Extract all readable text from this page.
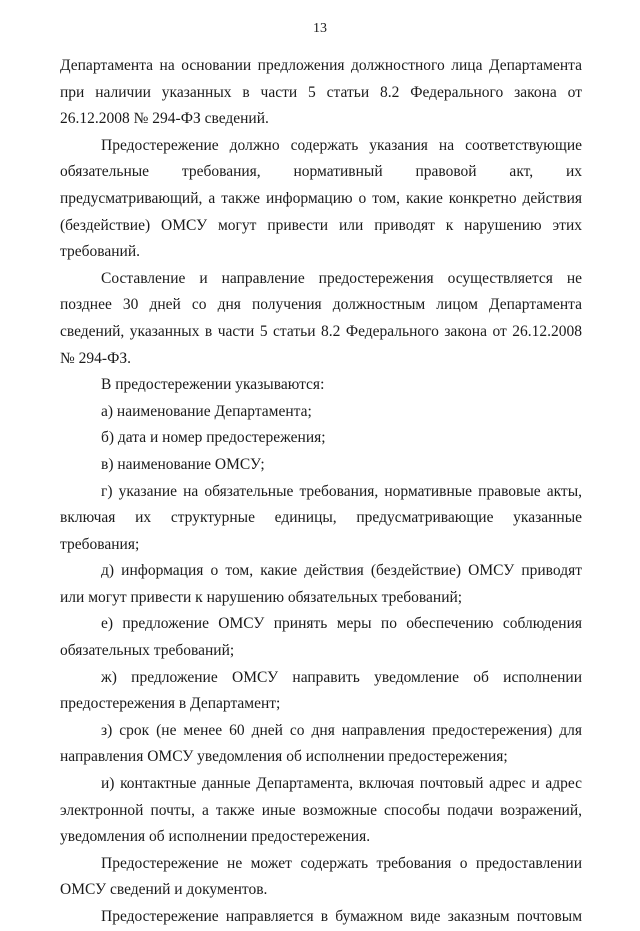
13

Департамента на основании предложения должностного лица Департамента при наличии указанных в части 5 статьи 8.2 Федерального закона от 26.12.2008 № 294-ФЗ сведений.

Предостережение должно содержать указания на соответствующие обязательные требования, нормативный правовой акт, их предусматривающий, а также информацию о том, какие конкретно действия (бездействие) ОМСУ могут привести или приводят к нарушению этих требований.

Составление и направление предостережения осуществляется не позднее 30 дней со дня получения должностным лицом Департамента сведений, указанных в части 5 статьи 8.2 Федерального закона от 26.12.2008 № 294-ФЗ.

В предостережении указываются:

а) наименование Департамента;

б) дата и номер предостережения;

в) наименование ОМСУ;

г) указание на обязательные требования, нормативные правовые акты, включая их структурные единицы, предусматривающие указанные требования;

д) информация о том, какие действия (бездействие) ОМСУ приводят или могут привести к нарушению обязательных требований;

е) предложение ОМСУ принять меры по обеспечению соблюдения обязательных требований;

ж) предложение ОМСУ направить уведомление об исполнении предостережения в Департамент;

з) срок (не менее 60 дней со дня направления предостережения) для направления ОМСУ уведомления об исполнении предостережения;

и) контактные данные Департамента, включая почтовый адрес и адрес электронной почты, а также иные возможные способы подачи возражений, уведомления об исполнении предостережения.

Предостережение не может содержать требования о предоставлении ОМСУ сведений и документов.

Предостережение направляется в бумажном виде заказным почтовым
